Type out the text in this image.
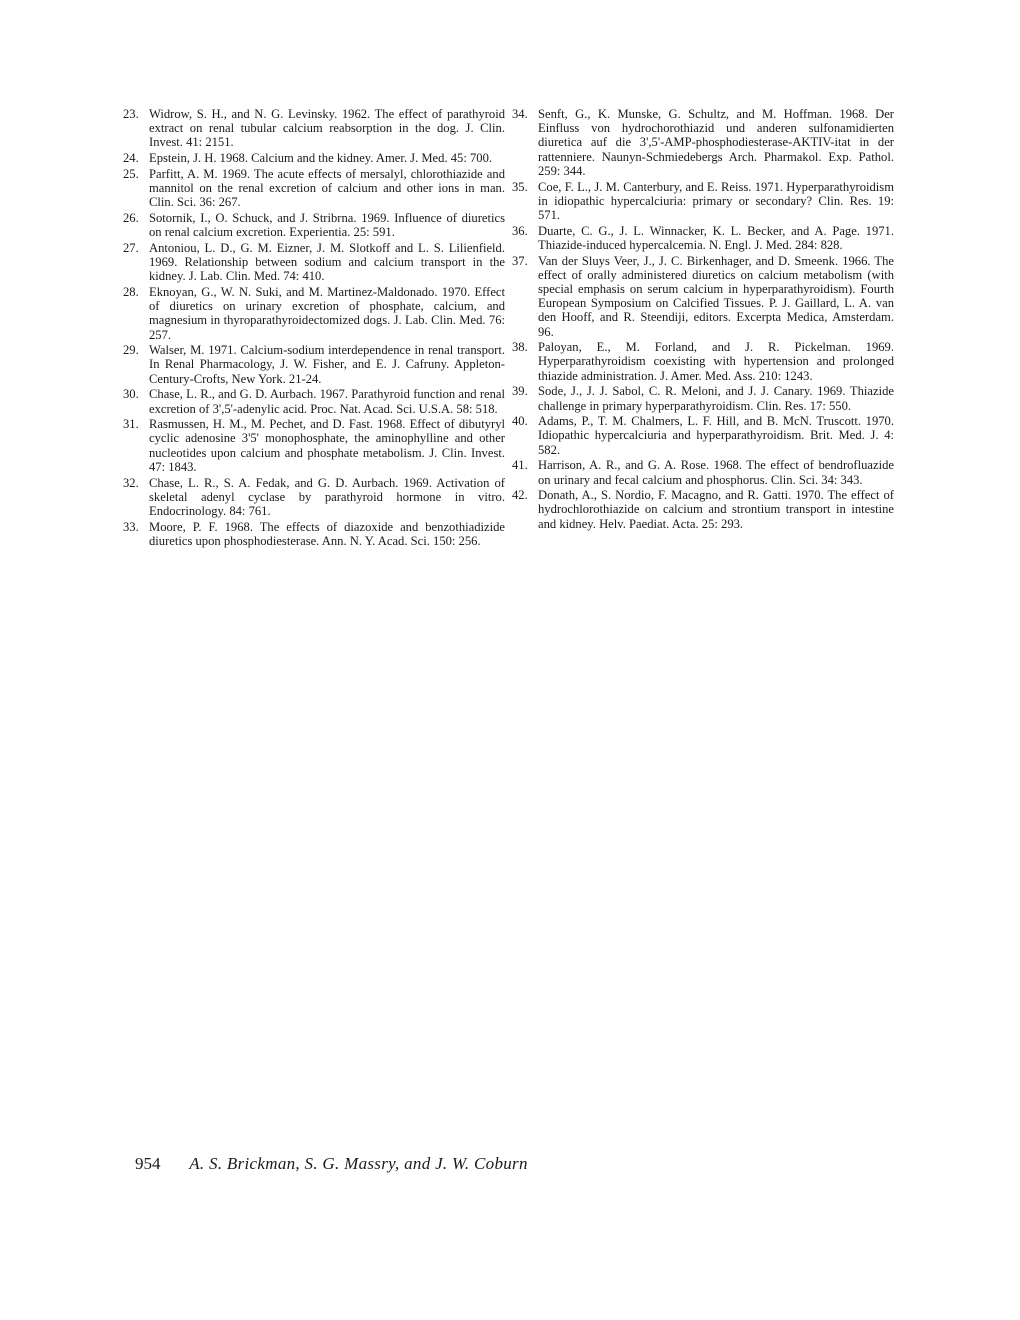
23. Widrow, S. H., and N. G. Levinsky. 1962. The effect of parathyroid extract on renal tubular calcium reabsorption in the dog. J. Clin. Invest. 41: 2151.
24. Epstein, J. H. 1968. Calcium and the kidney. Amer. J. Med. 45: 700.
25. Parfitt, A. M. 1969. The acute effects of mersalyl, chlorothiazide and mannitol on the renal excretion of calcium and other ions in man. Clin. Sci. 36: 267.
26. Sotornik, I., O. Schuck, and J. Stribrna. 1969. Influence of diuretics on renal calcium excretion. Experientia. 25: 591.
27. Antoniou, L. D., G. M. Eizner, J. M. Slotkoff and L. S. Lilienfield. 1969. Relationship between sodium and calcium transport in the kidney. J. Lab. Clin. Med. 74: 410.
28. Eknoyan, G., W. N. Suki, and M. Martinez-Maldonado. 1970. Effect of diuretics on urinary excretion of phosphate, calcium, and magnesium in thyroparathyroidectomized dogs. J. Lab. Clin. Med. 76: 257.
29. Walser, M. 1971. Calcium-sodium interdependence in renal transport. In Renal Pharmacology, J. W. Fisher, and E. J. Cafruny. Appleton-Century-Crofts, New York. 21-24.
30. Chase, L. R., and G. D. Aurbach. 1967. Parathyroid function and renal excretion of 3',5'-adenylic acid. Proc. Nat. Acad. Sci. U.S.A. 58: 518.
31. Rasmussen, H. M., M. Pechet, and D. Fast. 1968. Effect of dibutyryl cyclic adenosine 3'5' monophosphate, the aminophylline and other nucleotides upon calcium and phosphate metabolism. J. Clin. Invest. 47: 1843.
32. Chase, L. R., S. A. Fedak, and G. D. Aurbach. 1969. Activation of skeletal adenyl cyclase by parathyroid hormone in vitro. Endocrinology. 84: 761.
33. Moore, P. F. 1968. The effects of diazoxide and benzothiadizide diuretics upon phosphodiesterase. Ann. N. Y. Acad. Sci. 150: 256.
34. Senft, G., K. Munske, G. Schultz, and M. Hoffman. 1968. Der Einfluss von hydrochorothiazid und anderen sulfonamidierten diuretica auf die 3',5'-AMP-phosphodiesterase-AKTIV-itat in der rattenniere. Naunyn-Schmiedebergs Arch. Pharmakol. Exp. Pathol. 259: 344.
35. Coe, F. L., J. M. Canterbury, and E. Reiss. 1971. Hyperparathyroidism in idiopathic hypercalciuria: primary or secondary? Clin. Res. 19: 571.
36. Duarte, C. G., J. L. Winnacker, K. L. Becker, and A. Page. 1971. Thiazide-induced hypercalcemia. N. Engl. J. Med. 284: 828.
37. Van der Sluys Veer, J., J. C. Birkenhager, and D. Smeenk. 1966. The effect of orally administered diuretics on calcium metabolism (with special emphasis on serum calcium in hyperparathyroidism). Fourth European Symposium on Calcified Tissues. P. J. Gaillard, L. A. van den Hooff, and R. Steendiji, editors. Excerpta Medica, Amsterdam. 96.
38. Paloyan, E., M. Forland, and J. R. Pickelman. 1969. Hyperparathyroidism coexisting with hypertension and prolonged thiazide administration. J. Amer. Med. Ass. 210: 1243.
39. Sode, J., J. J. Sabol, C. R. Meloni, and J. J. Canary. 1969. Thiazide challenge in primary hyperparathyroidism. Clin. Res. 17: 550.
40. Adams, P., T. M. Chalmers, L. F. Hill, and B. McN. Truscott. 1970. Idiopathic hypercalciuria and hyperparathyroidism. Brit. Med. J. 4: 582.
41. Harrison, A. R., and G. A. Rose. 1968. The effect of bendrofluazide on urinary and fecal calcium and phosphorus. Clin. Sci. 34: 343.
42. Donath, A., S. Nordio, F. Macagno, and R. Gatti. 1970. The effect of hydrochlorothiazide on calcium and strontium transport in intestine and kidney. Helv. Paediat. Acta. 25: 293.
954 A. S. Brickman, S. G. Massry, and J. W. Coburn
